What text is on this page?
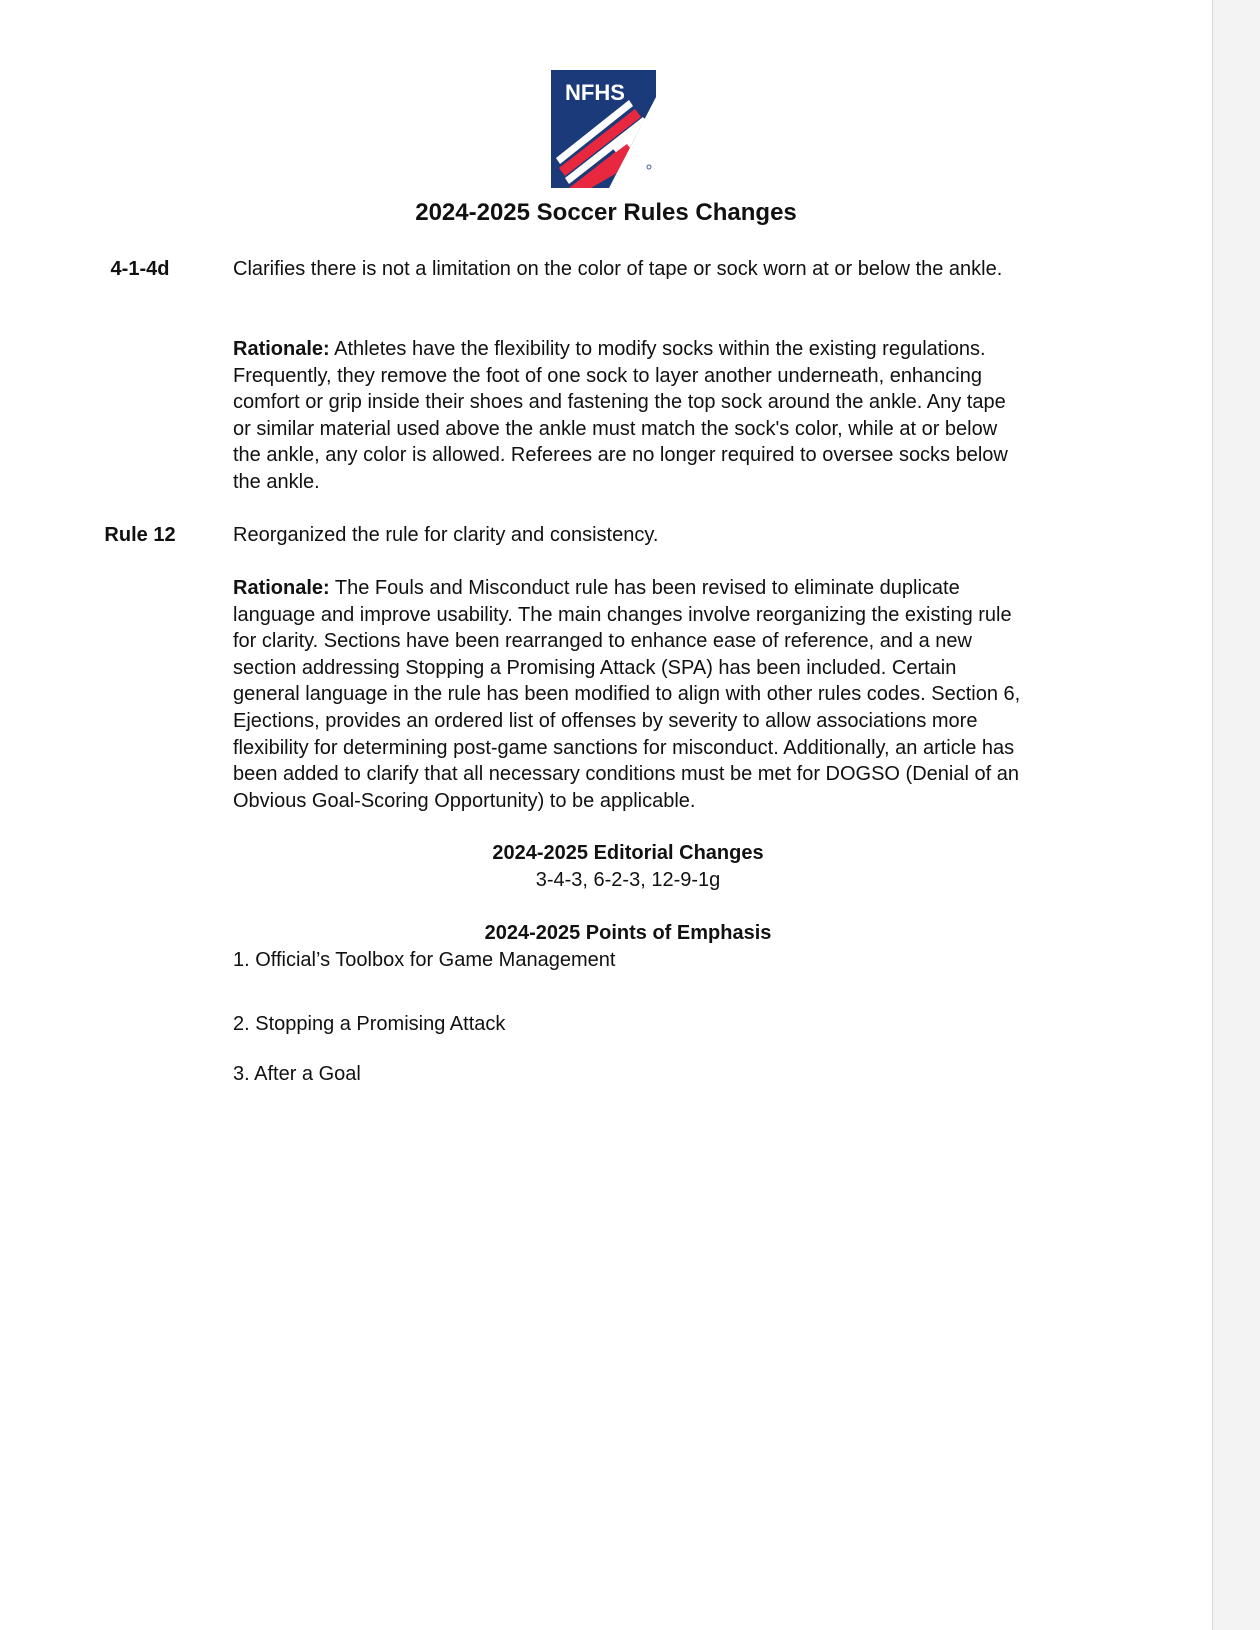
NFHS
2024-2025 Soccer Rules Changes
4-1-4d	Clarifies there is not a limitation on the color of tape or sock worn at or below the ankle.

Rationale: Athletes have the flexibility to modify socks within the existing regulations. Frequently, they remove the foot of one sock to layer another underneath, enhancing comfort or grip inside their shoes and fastening the top sock around the ankle. Any tape or similar material used above the ankle must match the sock's color, while at or below the ankle, any color is allowed. Referees are no longer required to oversee socks below the ankle.

Rule 12	Reorganized the rule for clarity and consistency.

Rationale: The Fouls and Misconduct rule has been revised to eliminate duplicate language and improve usability. The main changes involve reorganizing the existing rule for clarity. Sections have been rearranged to enhance ease of reference, and a new section addressing Stopping a Promising Attack (SPA) has been included. Certain general language in the rule has been modified to align with other rules codes. Section 6, Ejections, provides an ordered list of offenses by severity to allow associations more flexibility for determining post-game sanctions for misconduct. Additionally, an article has been added to clarify that all necessary conditions must be met for DOGSO (Denial of an Obvious Goal-Scoring Opportunity) to be applicable.

2024-2025 Editorial Changes
3-4-3, 6-2-3, 12-9-1g
2024-2025 Points of Emphasis
1. Official’s Toolbox for Game Management
2. Stopping a Promising Attack
3. After a Goal
